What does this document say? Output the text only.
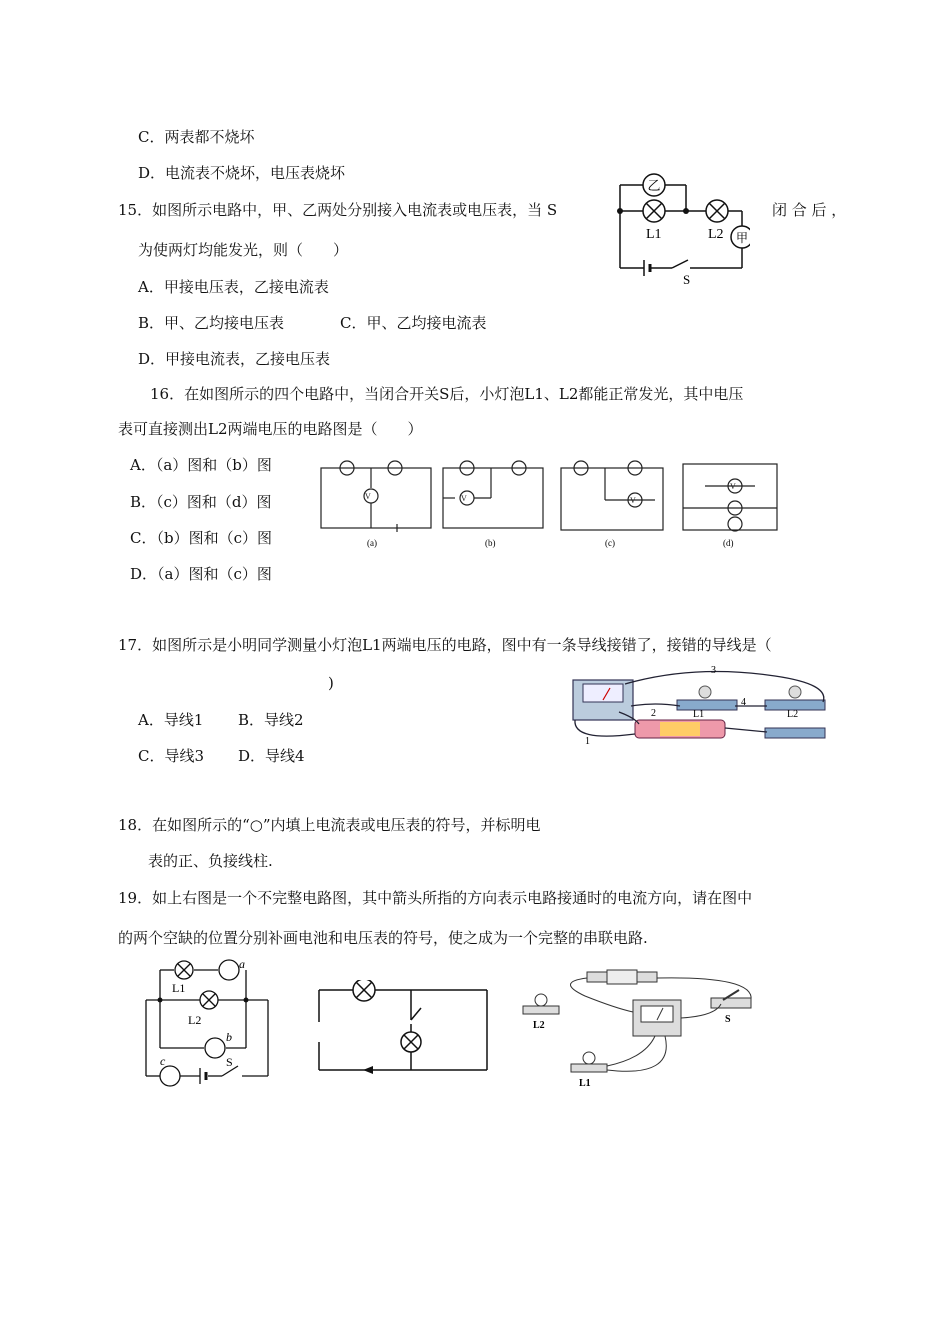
C．两表都不烧坏
D．电流表不烧坏，电压表烧坏
15．如图所示电路中，甲、乙两处分别接入电流表或电压表，当 S	闭 合 后 ，
为使两灯均能发光，则（　　）
A．甲接电压表，乙接电流表
B．甲、乙均接电压表	C．甲、乙均接电流表
D．甲接电流表，乙接电压表
乙
甲
L1	L2
S
16．在如图所示的四个电路中，当闭合开关S后，小灯泡L1、L2都能正常发光，其中电压
表可直接测出L2两端电压的电路图是（　　）
A．（a）图和（b）图
B．（c）图和（d）图
C．（b）图和（c）图
D．（a）图和（c）图
V	V	V
V
(a)	(b)	(c)	(d)
17．如图所示是小明同学测量小灯泡L1两端电压的电路，图中有一条导线接错了，接错的导线是（
)
A．导线1 B．导线2
C．导线3 D．导线4
3
4
2
1
L1	L2
18．在如图所示的“○”内填上电流表或电压表的符号，并标明电
表的正、负接线柱.
19．如上右图是一个不完整电路图，其中箭头所指的方向表示电路接通时的电流方向，请在图中
的两个空缺的位置分别补画电池和电压表的符号，使之成为一个完整的串联电路.
a
b
c	S
L1
L2	L2
L1
S
